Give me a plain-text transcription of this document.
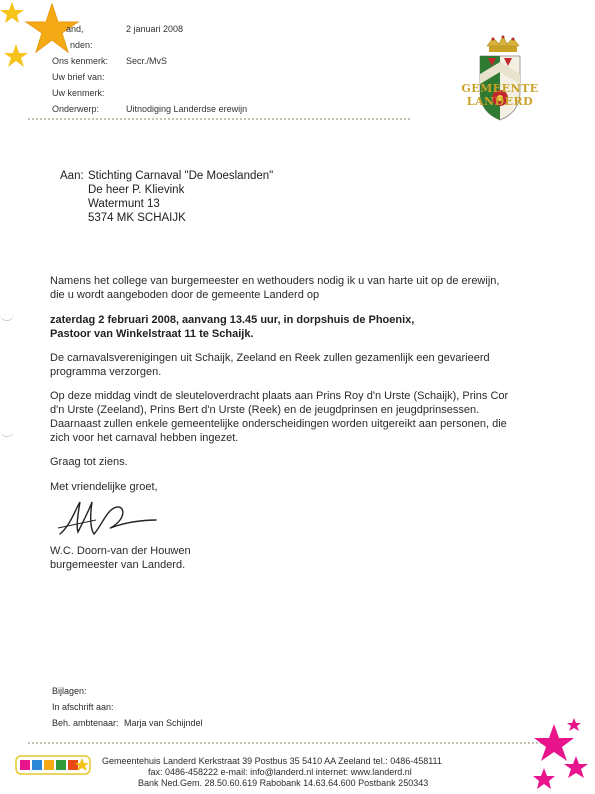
and,	2 januari 2008
nden:
Ons kenmerk: Secr./MvS
Uw brief van:
Uw kenmerk:
Onderwerp:	Uitnodiging Landerdse erewijn
GEMEENTE LANDERD
Aan: Stichting Carnaval "De Moeslanden"
De heer P. Klievink
Watermunt 13
5374 MK SCHAIJK
Namens het college van burgemeester en wethouders nodig ik u van harte uit op de erewijn,
die u wordt aangeboden door de gemeente Landerd op
zaterdag 2 februari 2008, aanvang 13.45 uur, in dorpshuis de Phoenix,
Pastoor van Winkelstraat 11 te Schaijk.
De carnavalsverenigingen uit Schaijk, Zeeland en Reek zullen gezamenlijk een gevarieerd
programma verzorgen.
Op deze middag vindt de sleuteloverdracht plaats aan Prins Roy d'n Urste (Schaijk), Prins Cor
d'n Urste (Zeeland), Prins Bert d'n Urste (Reek) en de jeugdprinsen en jeugdprinsessen.
Daarnaast zullen enkele gemeentelijke onderscheidingen worden uitgereikt aan personen, die
zich voor het carnaval hebben ingezet.
Graag tot ziens.
Met vriendelijke groet,
W.C. Doorn-van der Houwen
burgemeester van Landerd.
Bijlagen:
In afschrift aan:
Beh. ambtenaar: Marja van Schijndel
Gemeentehuis Landerd Kerkstraat 39 Postbus 35 5410 AA Zeeland tel.: 0486-458111
fax: 0486-458222 e-mail: info@landerd.nl internet: www.landerd.nl
Bank Ned.Gem. 28.50.60.619 Rabobank 14.63.64.600 Postbank 250343
